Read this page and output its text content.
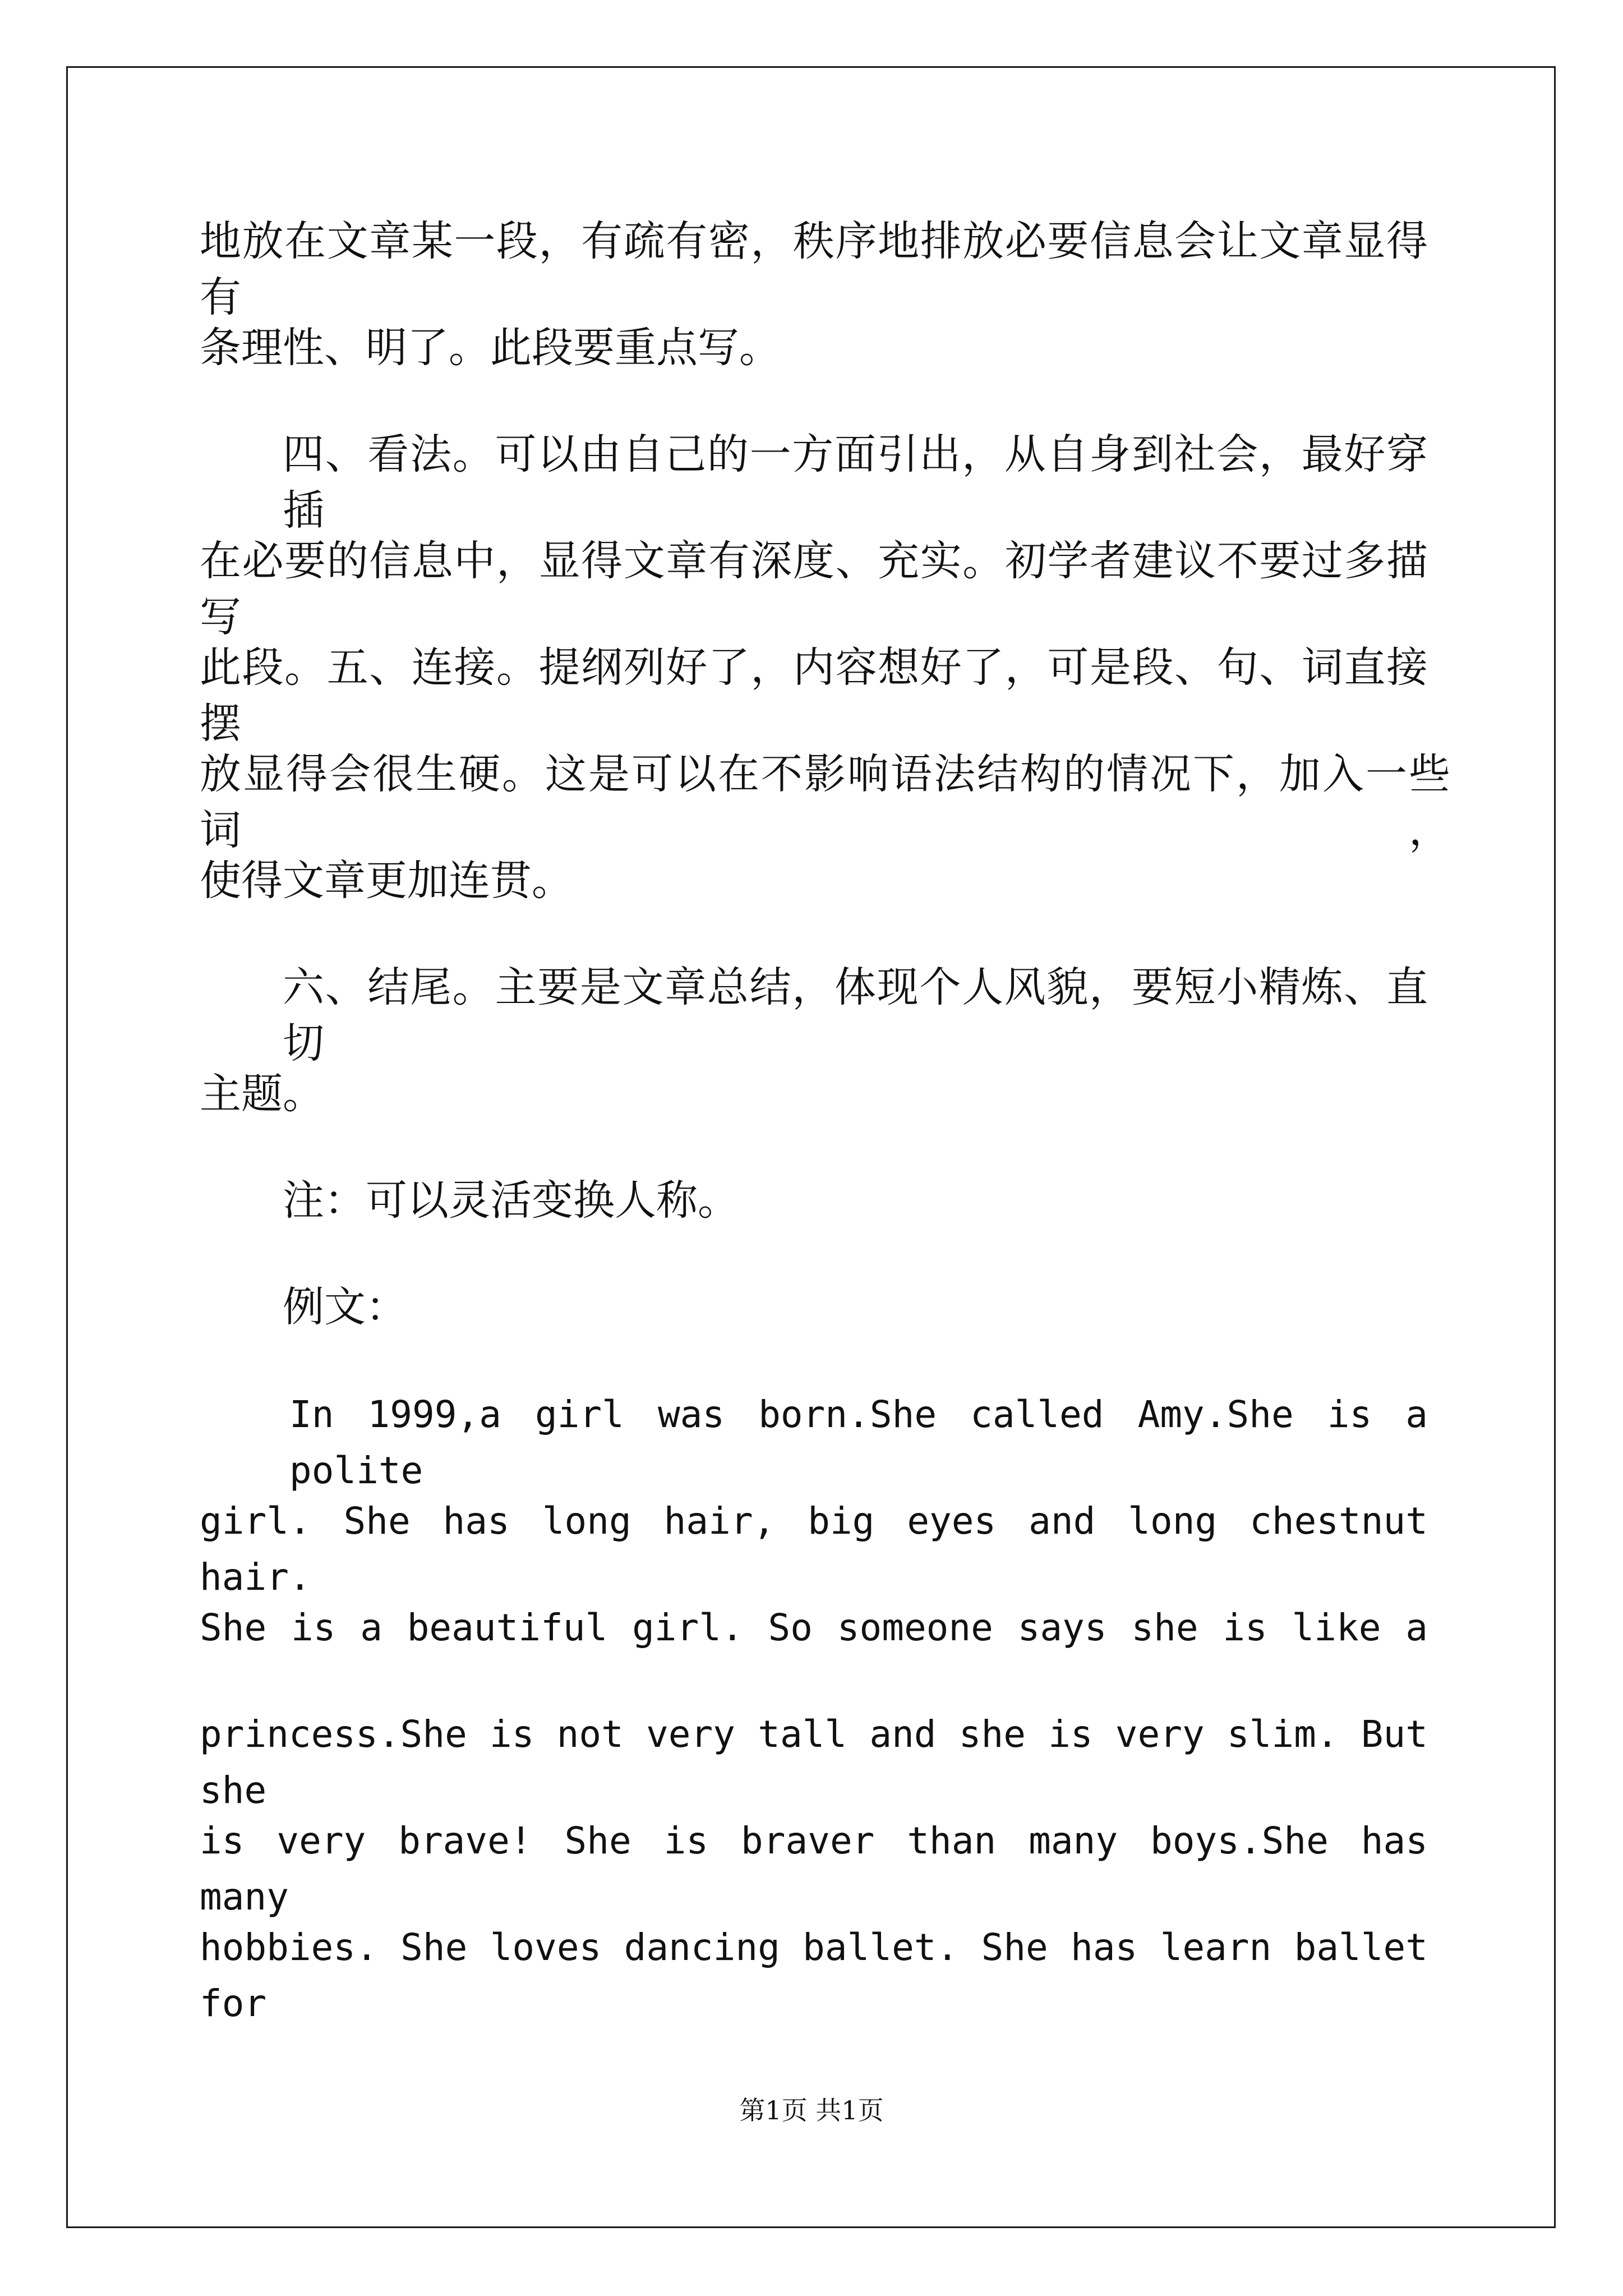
地放在文章某一段，有疏有密，秩序地排放必要信息会让文章显得有
条理性、明了。此段要重点写。
四、看法。可以由自己的一方面引出，从自身到社会，最好穿插
在必要的信息中，显得文章有深度、充实。初学者建议不要过多描写
此段。五、连接。提纲列好了，内容想好了，可是段、句、词直接摆
放显得会很生硬。这是可以在不影响语法结构的情况下，加入一些词，
使得文章更加连贯。
六、结尾。主要是文章总结，体现个人风貌，要短小精炼、直切
主题。
注：可以灵活变换人称。
例文：
In 1999,a girl was born.She called Amy.She is a polite
girl. She has long hair, big eyes and long chestnut hair.
She is a beautiful girl. So someone says she is like a
princess.She is not very tall and she is very slim. But she
is very brave! She is braver than many boys.She has many
hobbies. She loves dancing ballet. She has learn ballet for
第1页 共1页
